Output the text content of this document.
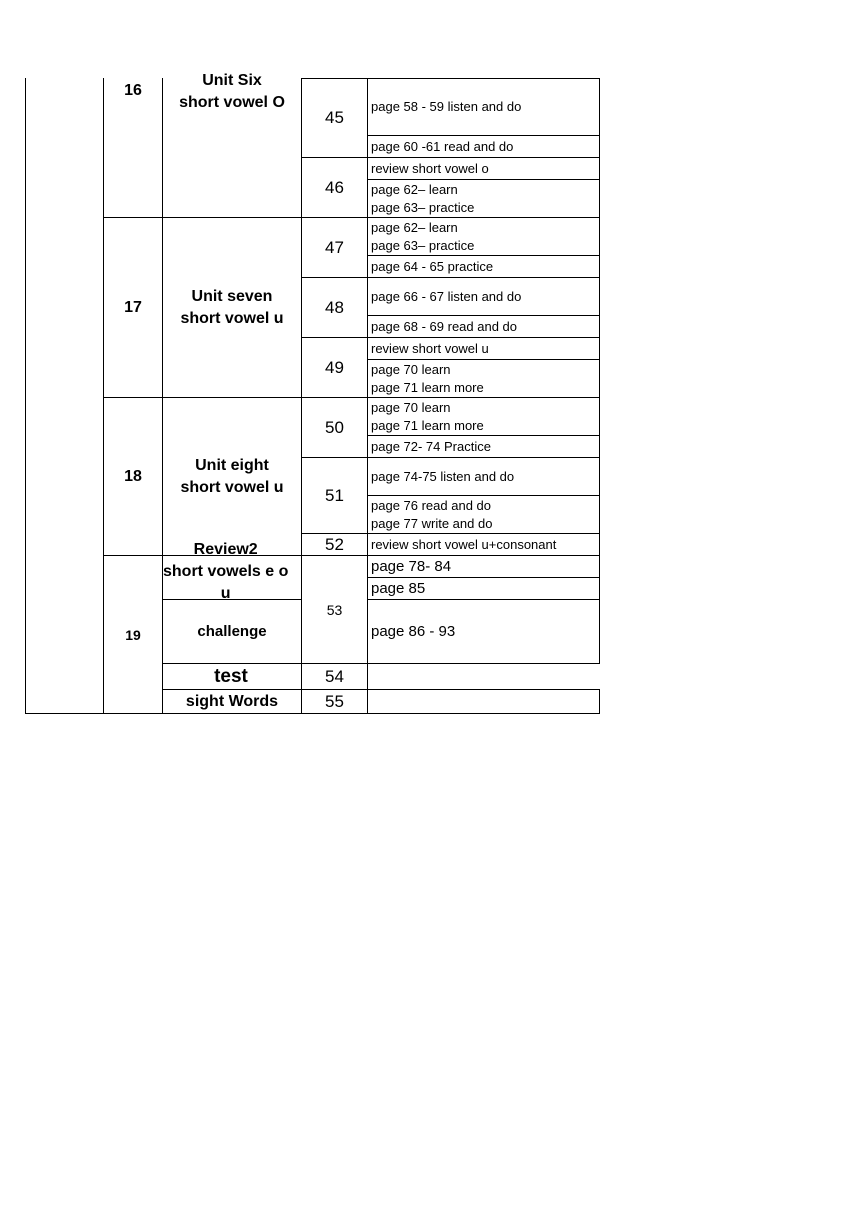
16
17
18
19
Unit Six
short vowel O
Unit seven
short vowel u
Unit eight
short vowel u
Review2
short vowels e o
u
challenge
test
sight Words
45
46
47
48
49
50
51
52
53
54
55
page 58 - 59 listen and do
page 60 -61 read and do
review short vowel o
page 62– learn
page 63– practice
page 62– learn
page 63– practice
page 64 - 65 practice
page 66 - 67 listen and do
page 68 - 69 read and do
review short vowel u
page 70 learn
page 71 learn more
page 70 learn
page 71 learn more
page 72- 74 Practice
page 74-75 listen and do
page 76 read and do
page 77 write and do
review short vowel u+consonant
page 78- 84
page 85
page 86 - 93
